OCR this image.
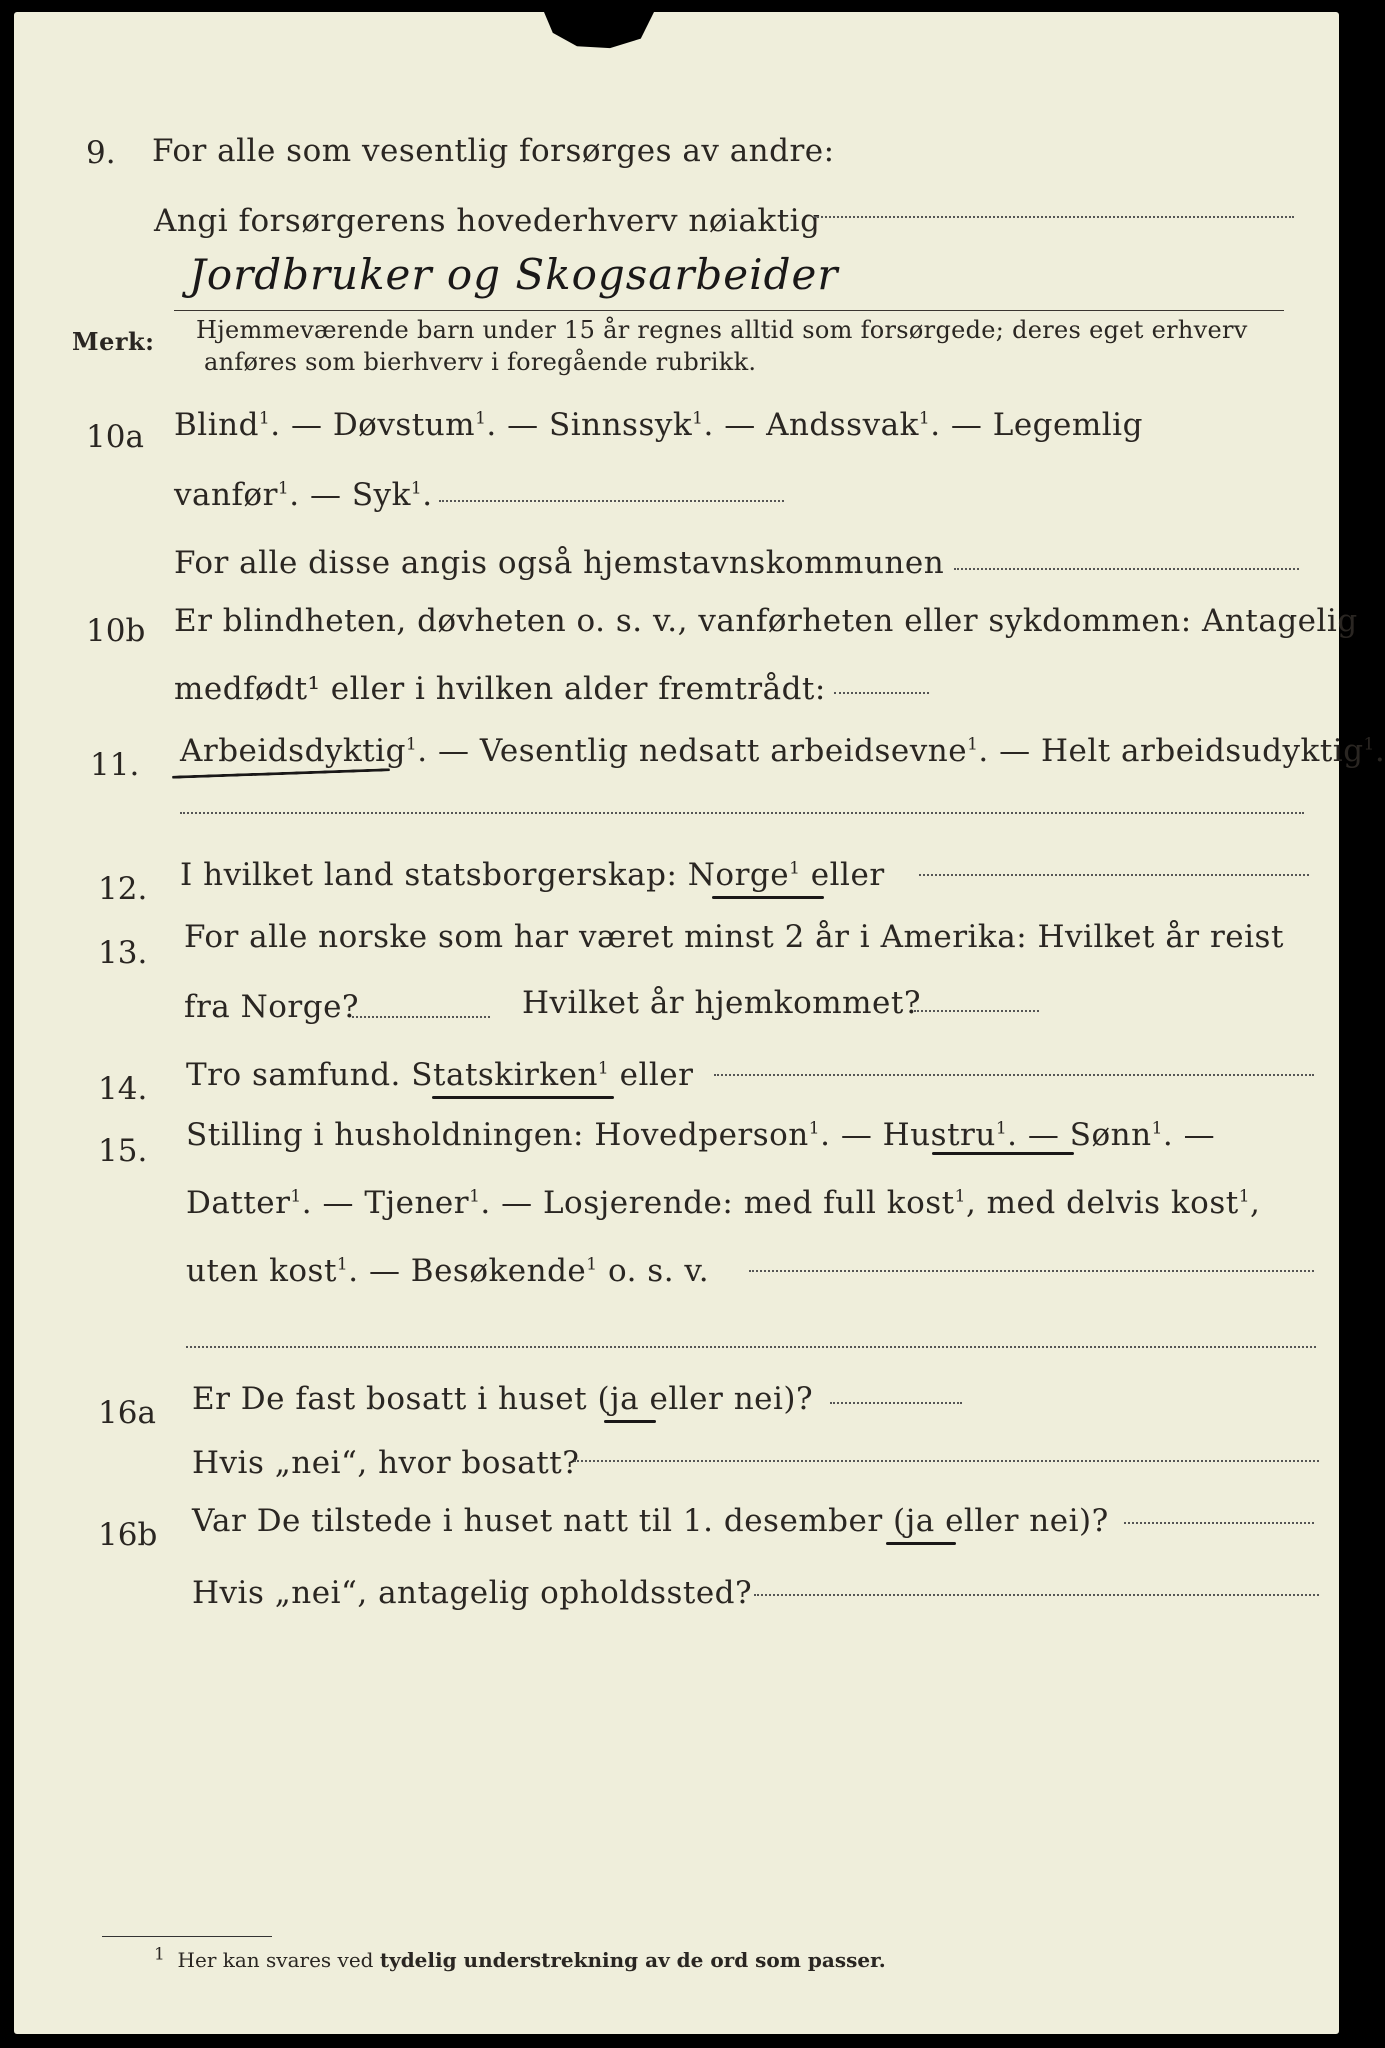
9. For alle som vesentlig forsørges av andre:
Angi forsørgerens hovederhverv nøiaktig
Jordbruker og Skogsarbeider
Merk: Hjemmeværende barn under 15 år regnes alltid som forsørgede; deres eget erhverv
anføres som bierhverv i foregående rubrikk.
10a Blind$^1$. — Døvstum$^1$. — Sinnssyk$^1$. — Andssvak$^1$. — Legemlig
vanfør$^1$. — Syk$^1$.
For alle disse angis også hjemstavnskommunen
10b Er blindheten, døvheten o. s. v., vanførheten eller sykdommen: Antagelig
medfødt¹ eller i hvilken alder fremtrådt:
11. Arbeidsdyktig$^1$. — Vesentlig nedsatt arbeidsevne$^1$. — Helt arbeidsudyktig$^1$.
12. I hvilket land statsborgerskap: Norge$^1$ eller
13. For alle norske som har været minst 2 år i Amerika: Hvilket år reist
fra Norge?	Hvilket år hjemkommet?
14. Tro samfund. Statskirken$^1$ eller
15. Stilling i husholdningen: Hovedperson$^1$. — Hustru$^1$. — Sønn$^1$. —
Datter$^1$. — Tjener$^1$. — Losjerende: med full kost$^1$, med delvis kost$^1$,
uten kost$^1$. — Besøkende$^1$ o. s. v.
16a Er De fast bosatt i huset (ja eller nei)?
Hvis „nei“, hvor bosatt?
16b Var De tilstede i huset natt til 1. desember (ja eller nei)?
Hvis „nei“, antagelig opholdssted?
$^1$ Her kan svares ved tydelig understrekning av de ord som passer.
